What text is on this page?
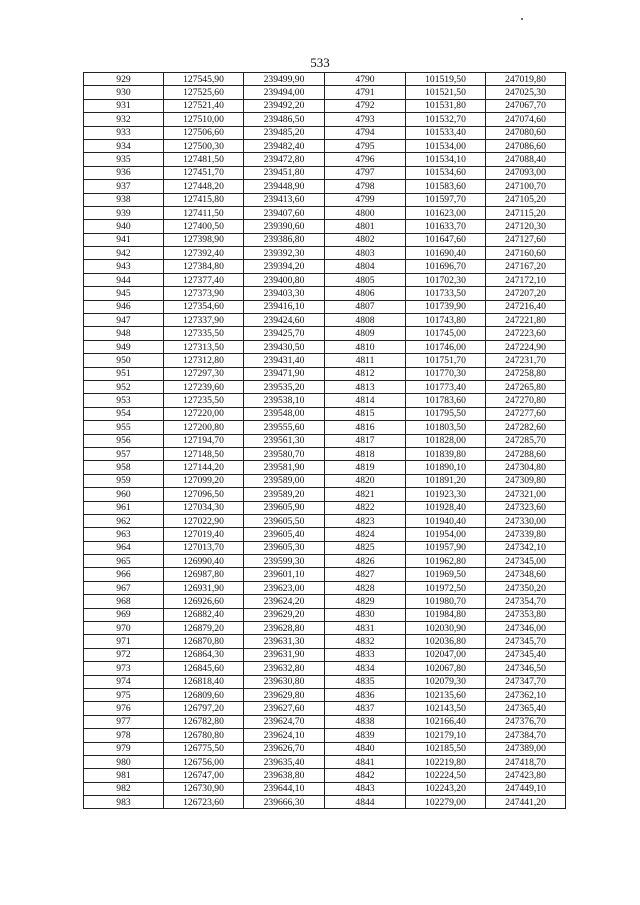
533
929	127545,90	239499,90	4790	101519,50	247019,80
930	127525,60	239494,00	4791	101521,50	247025,30
931	127521,40	239492,20	4792	101531,80	247067,70
932	127510,00	239486,50	4793	101532,70	247074,60
933	127506,60	239485,20	4794	101533,40	247080,60
934	127500,30	239482,40	4795	101534,00	247086,60
935	127481,50	239472,80	4796	101534,10	247088,40
936	127451,70	239451,80	4797	101534,60	247093,00
937	127448,20	239448,90	4798	101583,60	247100,70
938	127415,80	239413,60	4799	101597,70	247105,20
939	127411,50	239407,60	4800	101623,00	247115,20
940	127400,50	239390,60	4801	101633,70	247120,30
941	127398,90	239386,80	4802	101647,60	247127,60
942	127392,40	239392,30	4803	101690,40	247160,60
943	127384,80	239394,20	4804	101696,70	247167,20
944	127377,40	239400,80	4805	101702,30	247172,10
945	127373,90	239403,30	4806	101733,50	247207,20
946	127354,60	239416,10	4807	101739,90	247216,40
947	127337,90	239424,60	4808	101743,80	247221,80
948	127335,50	239425,70	4809	101745,00	247223,60
949	127313,50	239430,50	4810	101746,00	247224,90
950	127312,80	239431,40	4811	101751,70	247231,70
951	127297,30	239471,90	4812	101770,30	247258,80
952	127239,60	239535,20	4813	101773,40	247265,80
953	127235,50	239538,10	4814	101783,60	247270,80
954	127220,00	239548,00	4815	101795,50	247277,60
955	127200,80	239555,60	4816	101803,50	247282,60
956	127194,70	239561,30	4817	101828,00	247285,70
957	127148,50	239580,70	4818	101839,80	247288,60
958	127144,20	239581,90	4819	101890,10	247304,80
959	127099,20	239589,00	4820	101891,20	247309,80
960	127096,50	239589,20	4821	101923,30	247321,00
961	127034,30	239605,90	4822	101928,40	247323,60
962	127022,90	239605,50	4823	101940,40	247330,00
963	127019,40	239605,40	4824	101954,00	247339,80
964	127013,70	239605,30	4825	101957,90	247342,10
965	126990,40	239599,30	4826	101962,80	247345,00
966	126987,80	239601,10	4827	101969,50	247348,60
967	126931,90	239623,00	4828	101972,50	247350,20
968	126926,60	239624,20	4829	101980,70	247354,70
969	126882,40	239629,20	4830	101984,80	247353,80
970	126879,20	239628,80	4831	102030,90	247346,00
971	126870,80	239631,30	4832	102036,80	247345,70
972	126864,30	239631,90	4833	102047,00	247345,40
973	126845,60	239632,80	4834	102067,80	247346,50
974	126818,40	239630,80	4835	102079,30	247347,70
975	126809,60	239629,80	4836	102135,60	247362,10
976	126797,20	239627,60	4837	102143,50	247365,40
977	126782,80	239624,70	4838	102166,40	247376,70
978	126780,80	239624,10	4839	102179,10	247384,70
979	126775,50	239626,70	4840	102185,50	247389,00
980	126756,00	239635,40	4841	102219,80	247418,70
981	126747,00	239638,80	4842	102224,50	247423,80
982	126730,90	239644,10	4843	102243,20	247449,10
983	126723,60	239666,30	4844	102279,00	247441,20
